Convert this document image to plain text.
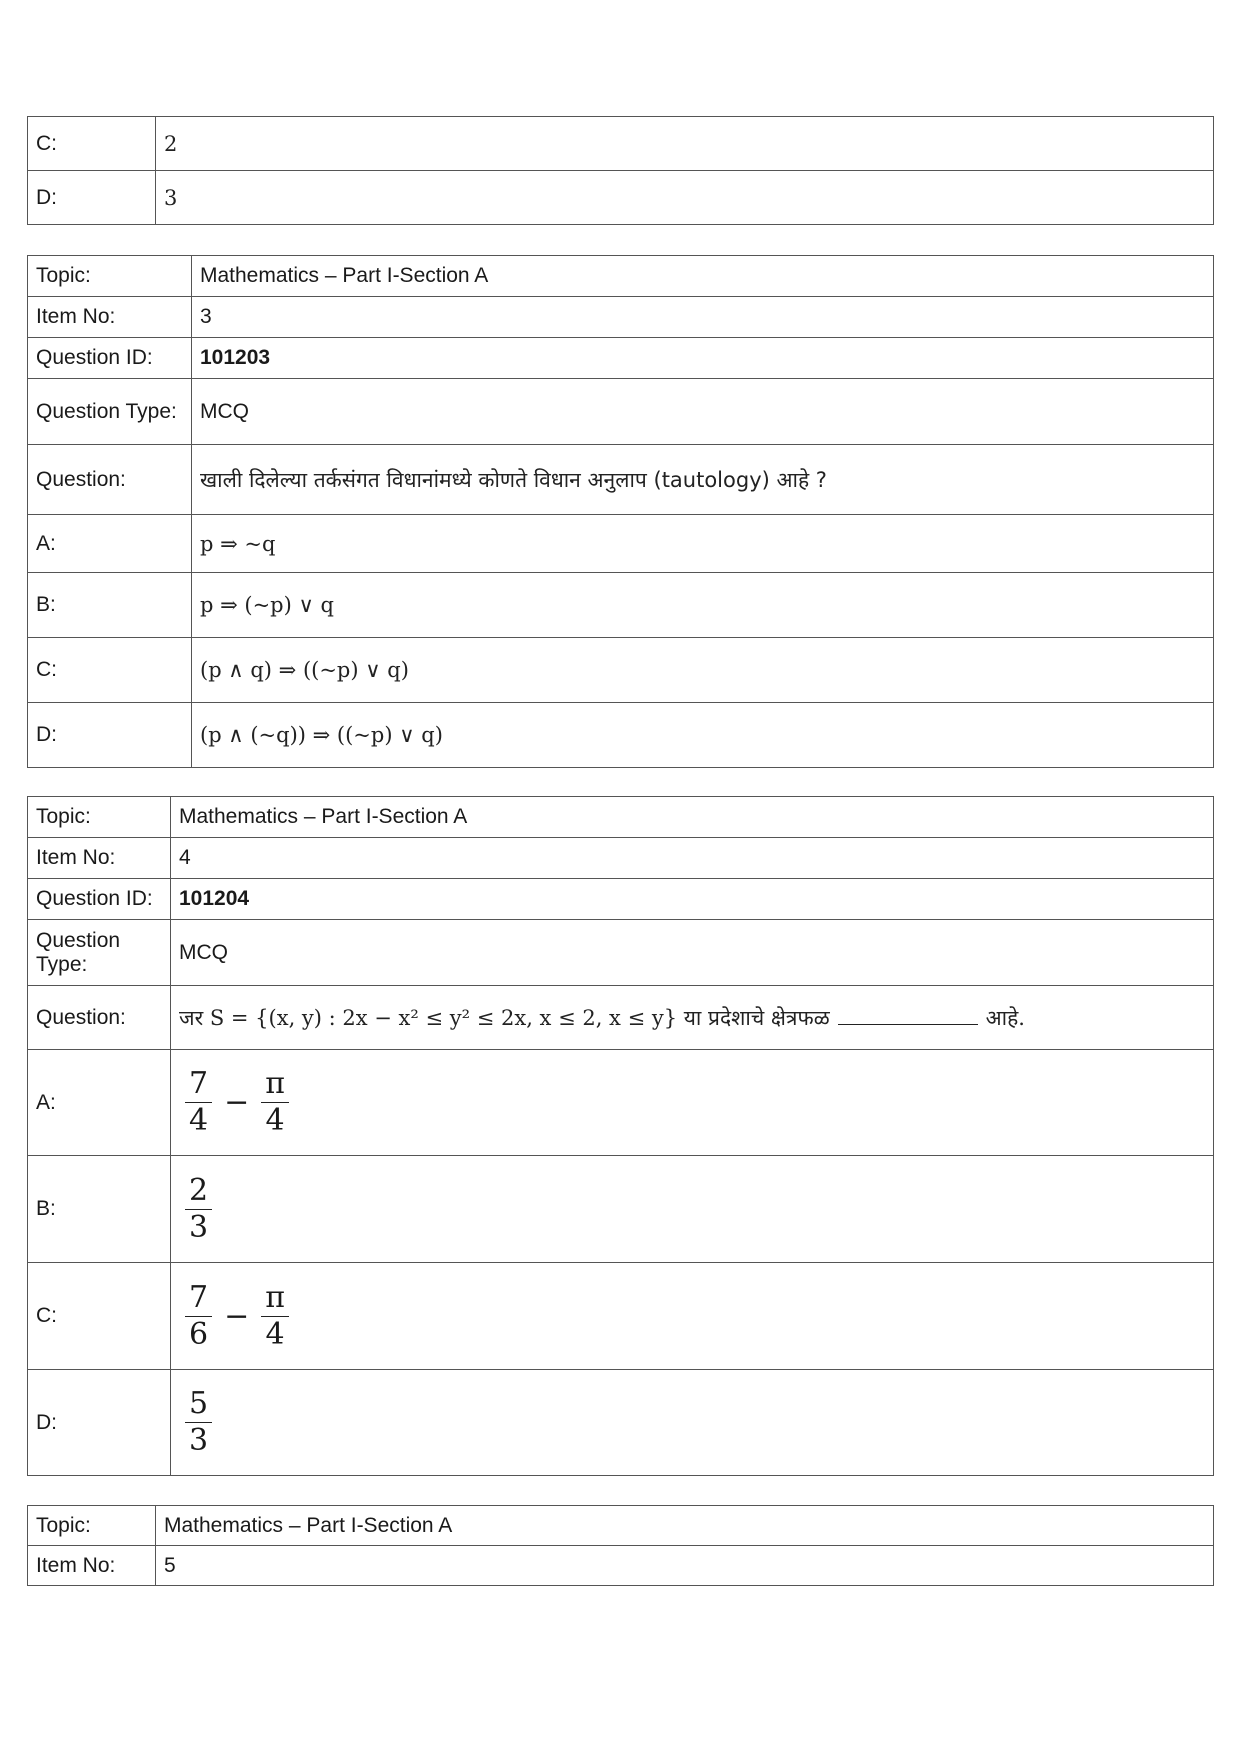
C:	2
D:	3
Topic:	Mathematics – Part I-Section A
Item No:	3
Question ID:	101203
Question Type:	MCQ
Question:	खाली दिलेल्या तर्कसंगत विधानांमध्ये कोणते विधान अनुलाप (tautology) आहे ?
A:	p ⇒ ~q
B:	p ⇒ (~p) ∨ q
C:	(p ∧ q) ⇒ ((~p) ∨ q)
D:	(p ∧ (~q)) ⇒ ((~p) ∨ q)
Topic:	Mathematics – Part I-Section A
Item No:	4
Question ID:	101204
Question Type:	MCQ
Question:	जर S = {(x, y) : 2x − x² ≤ y² ≤ 2x, x ≤ 2, x ≤ y} या प्रदेशाचे क्षेत्रफळ आहे.
A:	$\frac{7}{4} - \frac{\pi}{4}$

B:	$\frac{2}{3}$

C:	$\frac{7}{6} - \frac{\pi}{4}$

D:	$\frac{5}{3}$
Topic:	Mathematics – Part I-Section A
Item No:	5
